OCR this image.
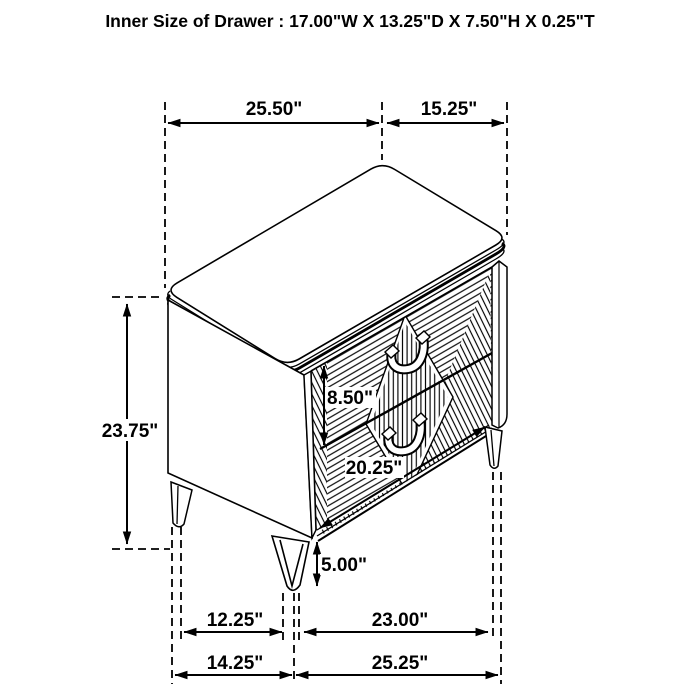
Inner Size of Drawer : 17.00"W X 13.25"D X 7.50"H X 0.25"T
25.50"	15.25"
23.75"
8.50"
20.25"
5.00"
12.25"	23.00"
14.25"	25.25"
